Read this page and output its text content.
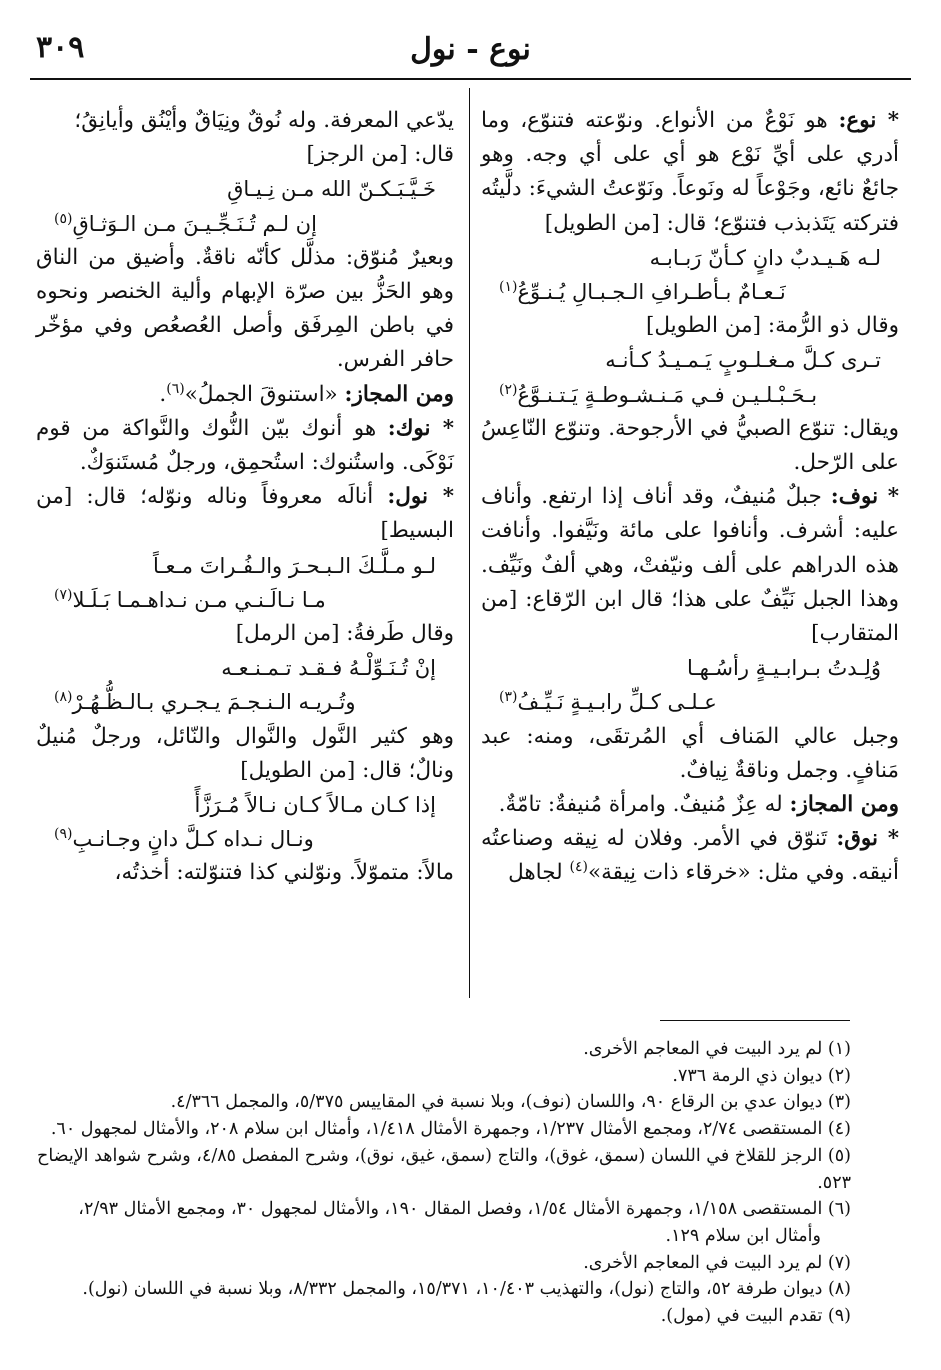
٣٠٩	نوع - نول

* نوع: هو نَوْعٌ من الأنواع. ونوّعته فتنوّع، وما أدري على أيِّ نَوْع هو أي على أي وجه. وهو جائعٌ نائع، وجَوْعاً له ونَوعاً. ونَوّعتُ الشيءَ: دلَّيتُه فتركته يَتَذبذب فتنوّع؛ قال: [من الطويل]

لـه هَـيـدبٌ دانٍ كـأنّ رَبـابـه
نَـعـامٌ بـأطـرافِ الـجـبـالِ يُـنـوِّعُ$^{(١)}$

وقال ذو الرُّمة: [من الطويل]

تـرى كـلَّ مـغـلـوبٍ يَـمـيـدُ كـأنـه
بـحَـبْـلـيـن فـي مَـنـشـوطـةٍ يَـتـنـوَّعُ$^{(٢)}$

ويقال: تنوّع الصبيُّ في الأرجوحة. وتنوّع النّاعِسُ على الرّحل.

* نوف: جبلٌ مُنيفٌ، وقد أناف إذا ارتفع. وأناف عليه: أشرف. وأنافوا على مائة ونَيَّفوا. وأنافت هذه الدراهم على ألف ونيّفتْ، وهي ألفٌ ونَيِّف. وهذا الجبل نَيِّفٌ على هذا؛ قال ابن الرّقاع: [من المتقارب]

وُلِـدتُ بـرابـيـةٍ رأسُـهـا
عـلـى كـلِّ رابـيـةٍ نَـيِّـفُ$^{(٣)}$

وجبل عالي المَناف أي المُرتقَى، ومنه: عبد مَنافٍ. وجمل وناقةٌ نِيافٌ.

ومن المجاز: له عِزٌ مُنيفٌ. وامرأة مُنيفةٌ: تامّةٌ.

* نوق: تَنوّق في الأمر. وفلان له نِيقه وصناعتُه أنيقه. وفي مثل: «خرقاء ذات نِيقة»$^{(٤)}$ لجاهل

يدّعي المعرفة. وله نُوقٌ ونِيَاقٌ وأيْنُق وأيانِقُ؛

قال: [من الرجز]

خَـيَّـبَـكـنّ الله مـن نِـيـاقِ
إن لـم تُـنَـجِّـيـنَ مـن الـوَثـاقِ$^{(٥)}$

وبعيرٌ مُنوّق: مذلَّل كأنّه ناقةٌ. وأضيق من الناق وهو الحَزُّ بين صرّة الإبهام وألية الخنصر ونحوه في باطن المِرفَق وأصل العُصعُص وفي مؤخّر حافر الفرس.

ومن المجاز: «استنوقَ الجملُ»$^{(٦)}$.

* نوك: هو أنوك بيّن النُّوك والنَّواكة من قوم نَوْكَى. واستُنوك: استُحمِق، ورجلٌ مُستَنوَكٌ.

* نول: أنالَه معروفاً وناله ونوّله؛ قال: [من البسيط]

لـو مـلَّـكَ الـبـحـرَ والـفُـراتَ مـعـاً
مـا نـالَـنـي مـن نـداهـمـا بَـلَـلا$^{(٧)}$

وقال طَرفةُ: [من الرمل]

إنْ تُـنَـوِّلْـهُ فـقـد تـمـنـعـه
وتُـريـه الـنـجـمَ يـجـري بـالـظُّـهُـرْ$^{(٨)}$

وهو كثير النَّول والنَّوال والنّائل، ورجلٌ مُنيلٌ ونالٌ؛ قال: [من الطويل]

إذا كـان مـالاً كـان نـالاً مُـرَزَّأً
ونـال نـداه كـلَّ دانٍ وجـانـبِ$^{(٩)}$

مالاً: متموّلاً. ونوّلني كذا فتنوّلته: أخذتُه،

(١) لم يرد البيت في المعاجم الأخرى.

(٢) ديوان ذي الرمة ٧٣٦.

(٣) ديوان عدي بن الرقاع ٩٠، واللسان (نوف)، وبلا نسبة في المقاييس ٥/٣٧٥، والمجمل ٤/٣٦٦.

(٤) المستقصى ٢/٧٤، ومجمع الأمثال ١/٢٣٧، وجمهرة الأمثال ١/٤١٨، وأمثال ابن سلام ٢٠٨، والأمثال لمجهول ٦٠.

(٥) الرجز للقلاخ في اللسان (سمق، غوق)، والتاج (سمق، غيق، نوق)، وشرح المفصل ٤/٨٥، وشرح شواهد الإيضاح ٥٢٣.

(٦) المستقصى ١/١٥٨، وجمهرة الأمثال ١/٥٤، وفصل المقال ١٩٠، والأمثال لمجهول ٣٠، ومجمع الأمثال ٢/٩٣،

وأمثال ابن سلام ١٢٩.

(٧) لم يرد البيت في المعاجم الأخرى.

(٨) ديوان طرفة ٥٢، والتاج (نول)، والتهذيب ١٠/٤٠٣، ١٥/٣٧١، والمجمل ٨/٣٣٢، وبلا نسبة في اللسان (نول).

(٩) تقدم البيت في (مول).
